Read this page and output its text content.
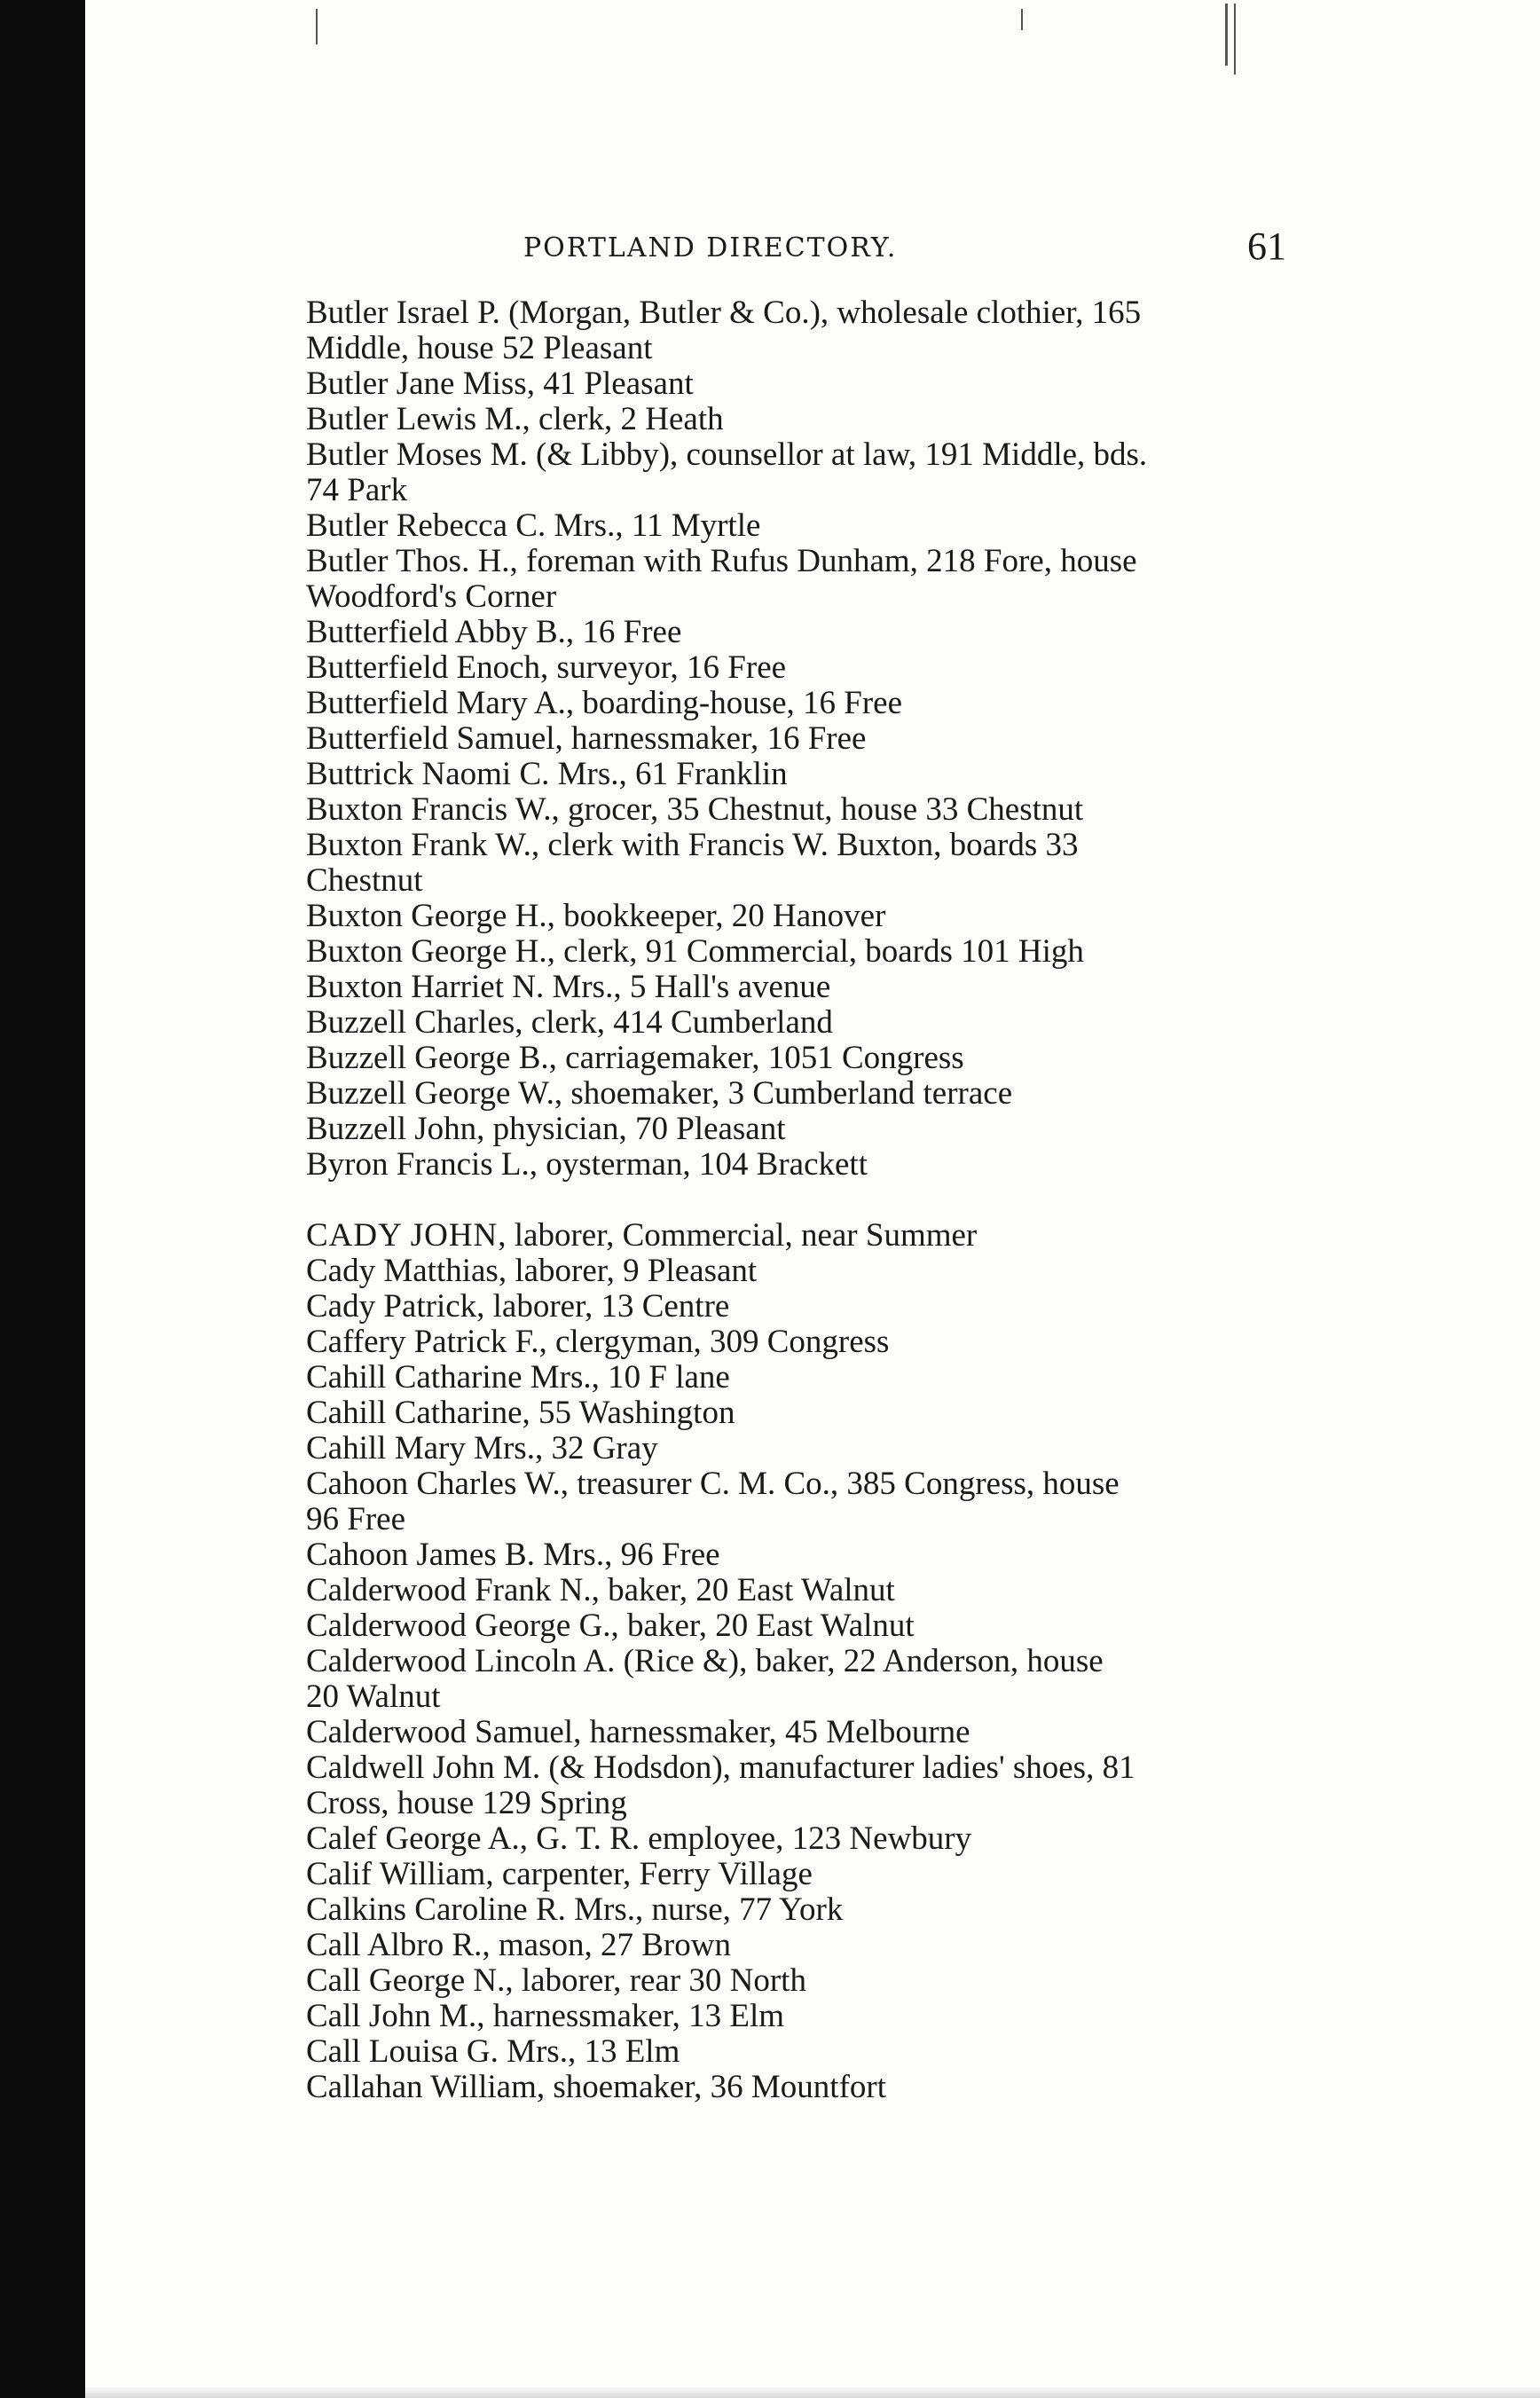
PORTLAND DIRECTORY.	61
Butler Israel P. (Morgan, Butler & Co.), wholesale clothier, 165
Middle, house 52 Pleasant
Butler Jane Miss, 41 Pleasant
Butler Lewis M., clerk, 2 Heath
Butler Moses M. (& Libby), counsellor at law, 191 Middle, bds.
74 Park
Butler Rebecca C. Mrs., 11 Myrtle
Butler Thos. H., foreman with Rufus Dunham, 218 Fore, house
Woodford's Corner
Butterfield Abby B., 16 Free
Butterfield Enoch, surveyor, 16 Free
Butterfield Mary A., boarding-house, 16 Free
Butterfield Samuel, harnessmaker, 16 Free
Buttrick Naomi C. Mrs., 61 Franklin
Buxton Francis W., grocer, 35 Chestnut, house 33 Chestnut
Buxton Frank W., clerk with Francis W. Buxton, boards 33
Chestnut
Buxton George H., bookkeeper, 20 Hanover
Buxton George H., clerk, 91 Commercial, boards 101 High
Buxton Harriet N. Mrs., 5 Hall's avenue
Buzzell Charles, clerk, 414 Cumberland
Buzzell George B., carriagemaker, 1051 Congress
Buzzell George W., shoemaker, 3 Cumberland terrace
Buzzell John, physician, 70 Pleasant
Byron Francis L., oysterman, 104 Brackett
CADY JOHN, laborer, Commercial, near Summer
Cady Matthias, laborer, 9 Pleasant
Cady Patrick, laborer, 13 Centre
Caffery Patrick F., clergyman, 309 Congress
Cahill Catharine Mrs., 10 F lane
Cahill Catharine, 55 Washington
Cahill Mary Mrs., 32 Gray
Cahoon Charles W., treasurer C. M. Co., 385 Congress, house
96 Free
Cahoon James B. Mrs., 96 Free
Calderwood Frank N., baker, 20 East Walnut
Calderwood George G., baker, 20 East Walnut
Calderwood Lincoln A. (Rice &), baker, 22 Anderson, house
20 Walnut
Calderwood Samuel, harnessmaker, 45 Melbourne
Caldwell John M. (& Hodsdon), manufacturer ladies' shoes, 81
Cross, house 129 Spring
Calef George A., G. T. R. employee, 123 Newbury
Calif William, carpenter, Ferry Village
Calkins Caroline R. Mrs., nurse, 77 York
Call Albro R., mason, 27 Brown
Call George N., laborer, rear 30 North
Call John M., harnessmaker, 13 Elm
Call Louisa G. Mrs., 13 Elm
Callahan William, shoemaker, 36 Mountfort
